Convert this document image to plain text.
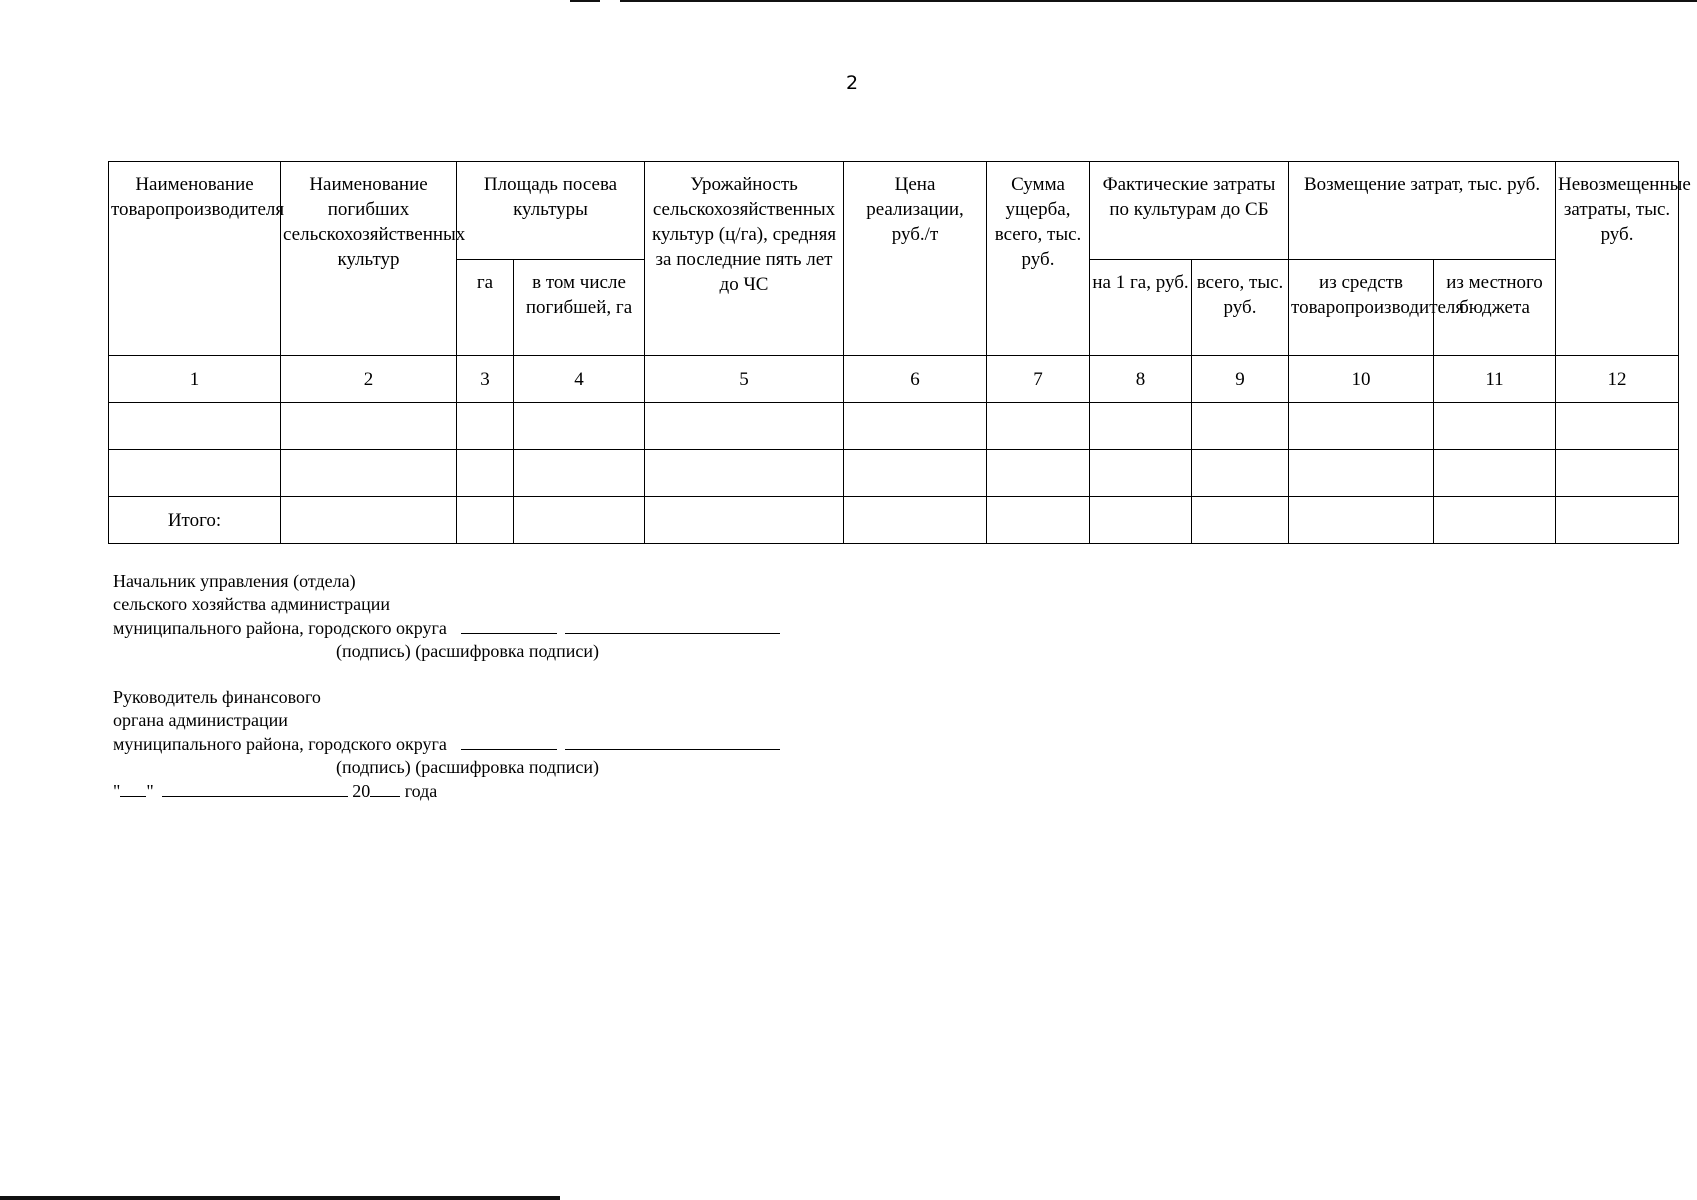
2
Наименование товаропроизводителя	Наименование погибших сельскохозяйственных культур	Площадь посева культуры		Урожайность сельскохозяйственных культур (ц/га), средняя за последние пять лет до ЧС	Цена реализации, руб./т	Сумма ущерба, всего, тыс. руб.	Фактические затраты по культурам до СБ		Возмещение затрат, тыс. руб.		Невозмещенные затраты, тыс. руб.
		га	в том числе погибшей, га				на 1 га, руб.	всего, тыс. руб.	из средств товаропроизводителя	из местного бюджета	
1	2	3	4	5	6	7	8	9	10	11	12

Итого:											
Начальник управления (отдела)
сельского хозяйства администрации
муниципального района, городского округа
(подпись) (расшифровка подписи)
Руководитель финансового
органа администрации
муниципального района, городского округа
(подпись) (расшифровка подписи)
" "	20 года
